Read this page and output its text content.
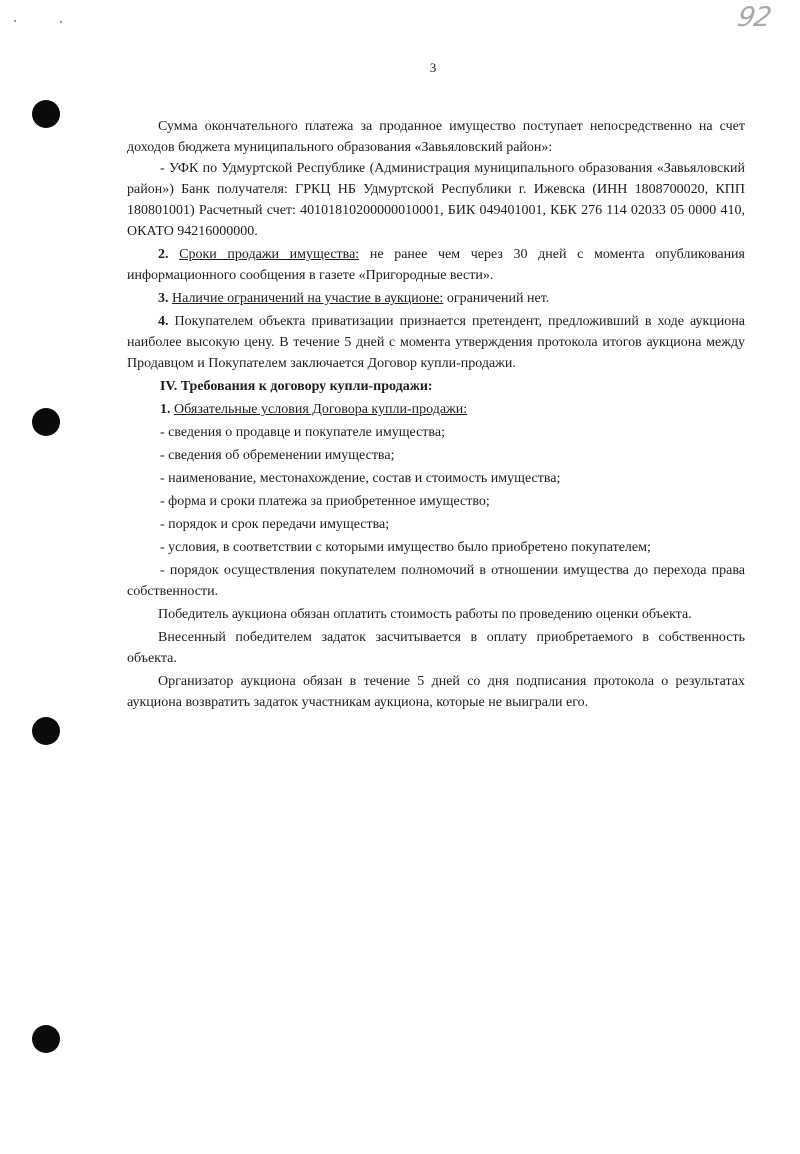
92
3

Сумма окончательного платежа за проданное имущество поступает непосредственно на счет доходов бюджета муниципального образования «Завьяловский район»:

- УФК по Удмуртской Республике (Администрация муниципального образования «Завьяловский район») Банк получателя: ГРКЦ НБ Удмуртской Республики г. Ижевска (ИНН 1808700020, КПП 180801001) Расчетный счет: 40101810200000010001, БИК 049401001, КБК 276 114 02033 05 0000 410, ОКАТО 94216000000.

2. Сроки продажи имущества: не ранее чем через 30 дней с момента опубликования информационного сообщения в газете «Пригородные вести».

3. Наличие ограничений на участие в аукционе: ограничений нет.

4. Покупателем объекта приватизации признается претендент, предложивший в ходе аукциона наиболее высокую цену. В течение 5 дней с момента утверждения протокола итогов аукциона между Продавцом и Покупателем заключается Договор купли-продажи.

IV. Требования к договору купли-продажи:

1. Обязательные условия Договора купли-продажи:

- сведения о продавце и покупателе имущества;

- сведения об обременении имущества;

- наименование, местонахождение, состав и стоимость имущества;

- форма и сроки платежа за приобретенное имущество;

- порядок и срок передачи имущества;

- условия, в соответствии с которыми имущество было приобретено покупателем;

- порядок осуществления покупателем полномочий в отношении имущества до перехода права собственности.

Победитель аукциона обязан оплатить стоимость работы по проведению оценки объекта.

Внесенный победителем задаток засчитывается в оплату приобретаемого в собственность объекта.

Организатор аукциона обязан в течение 5 дней со дня подписания протокола о результатах аукциона возвратить задаток участникам аукциона, которые не выиграли его.
